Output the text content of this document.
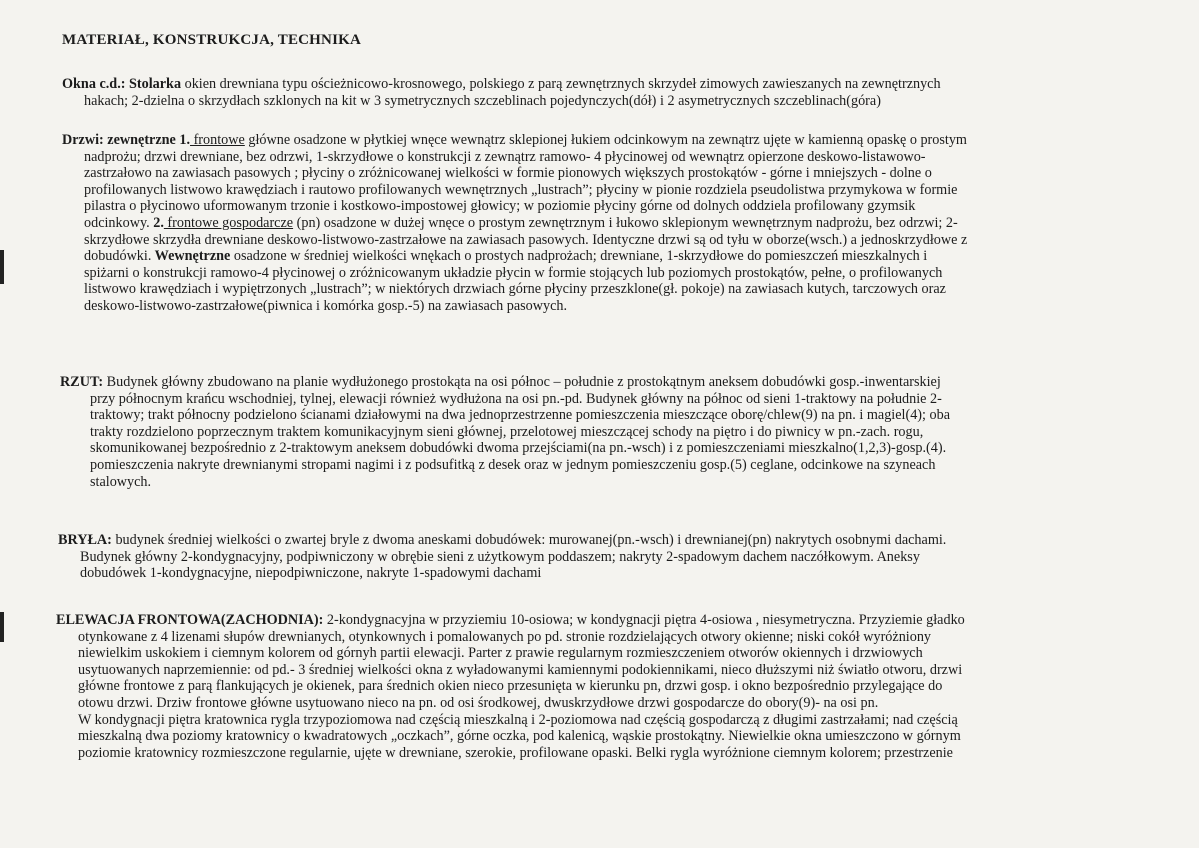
MATERIAŁ, KONSTRUKCJA, TECHNIKA
Okna c.d.: Stolarka okien drewniana typu ościeżnicowo-krosnowego, polskiego z parą zewnętrznych skrzydeł zimowych zawieszanych na zewnętrznych
hakach; 2-dzielna o skrzydłach szklonych na kit w 3 symetrycznych szczeblinach pojedynczych(dół) i 2 asymetrycznych szczeblinach(góra)
Drzwi: zewnętrzne 1. frontowe główne osadzone w płytkiej wnęce wewnątrz sklepionej łukiem odcinkowym na zewnątrz ujęte w kamienną opaskę o prostym
nadprożu; drzwi drewniane, bez odrzwi, 1-skrzydłowe o konstrukcji z zewnątrz ramowo- 4 płycinowej od wewnątrz opierzone deskowo-listawowo-
zastrzałowo na zawiasach pasowych ; płyciny o zróżnicowanej wielkości w formie pionowych większych prostokątów - górne i mniejszych - dolne o
profilowanych listwowo krawędziach i rautowo profilowanych wewnętrznych „lustrach”; płyciny w pionie rozdziela pseudolistwa przymykowa w formie
pilastra o płycinowo uformowanym trzonie i kostkowo-impostowej głowicy; w poziomie płyciny górne od dolnych oddziela profilowany gzymsik
odcinkowy. 2. frontowe gospodarcze (pn) osadzone w dużej wnęce o prostym zewnętrznym i łukowo sklepionym wewnętrznym nadprożu, bez odrzwi; 2-
skrzydłowe skrzydła drewniane deskowo-listwowo-zastrzałowe na zawiasach pasowych. Identyczne drzwi są od tyłu w oborze(wsch.) a jednoskrzydłowe z
dobudówki. Wewnętrzne osadzone w średniej wielkości wnękach o prostych nadprożach; drewniane, 1-skrzydłowe do pomieszczeń mieszkalnych i
spiżarni o konstrukcji ramowo-4 płycinowej o zróżnicowanym układzie płycin w formie stojących lub poziomych prostokątów, pełne, o profilowanych
listwowo krawędziach i wypiętrzonych „lustrach”; w niektórych drzwiach górne płyciny przeszklone(gł. pokoje) na zawiasach kutych, tarczowych oraz
deskowo-listwowo-zastrzałowe(piwnica i komórka gosp.-5) na zawiasach pasowych.
RZUT: Budynek główny zbudowano na planie wydłużonego prostokąta na osi północ – południe z prostokątnym aneksem dobudówki gosp.-inwentarskiej
przy północnym krańcu wschodniej, tylnej, elewacji również wydłużona na osi pn.-pd. Budynek główny na północ od sieni 1-traktowy na południe 2-
traktowy; trakt północny podzielono ścianami działowymi na dwa jednoprzestrzenne pomieszczenia mieszczące oborę/chlew(9) na pn. i magiel(4); oba
trakty rozdzielono poprzecznym traktem komunikacyjnym sieni głównej, przelotowej mieszczącej schody na piętro i do piwnicy w pn.-zach. rogu,
skomunikowanej bezpośrednio z 2-traktowym aneksem dobudówki dwoma przejściami(na pn.-wsch) i z pomieszczeniami mieszkalno(1,2,3)-gosp.(4).
pomieszczenia nakryte drewnianymi stropami nagimi i z podsufitką z desek oraz w jednym pomieszczeniu gosp.(5) ceglane, odcinkowe na szyneach
stalowych.
BRYŁA: budynek średniej wielkości o zwartej bryle z dwoma aneskami dobudówek: murowanej(pn.-wsch) i drewnianej(pn) nakrytych osobnymi dachami.
Budynek główny 2-kondygnacyjny, podpiwniczony w obrębie sieni z użytkowym poddaszem; nakryty 2-spadowym dachem naczółkowym. Aneksy
dobudówek 1-kondygnacyjne, niepodpiwniczone, nakryte 1-spadowymi dachami
ELEWACJA FRONTOWA(ZACHODNIA): 2-kondygnacyjna w przyziemiu 10-osiowa; w kondygnacji piętra 4-osiowa , niesymetryczna. Przyziemie gładko
otynkowane z 4 lizenami słupów drewnianych, otynkownych i pomalowanych po pd. stronie rozdzielających otwory okienne; niski cokół wyróżniony
niewielkim uskokiem i ciemnym kolorem od górnyh partii elewacji. Parter z prawie regularnym rozmieszczeniem otworów okiennych i drzwiowych
usytuowanych naprzemiennie: od pd.- 3 średniej wielkości okna z wyładowanymi kamiennymi podokiennikami, nieco dłuższymi niż światło otworu, drzwi
główne frontowe z parą flankujących je okienek, para średnich okien nieco przesunięta w kierunku pn, drzwi gosp. i okno bezpośrednio przylegające do
otowu drzwi. Drziw frontowe główne usytuowano nieco na pn. od osi środkowej, dwuskrzydłowe drzwi gospodarcze do obory(9)- na osi pn.
W kondygnacji piętra kratownica rygla trzypoziomowa nad częścią mieszkalną i 2-poziomowa nad częścią gospodarczą z długimi zastrzałami; nad częścią
mieszkalną dwa poziomy kratownicy o kwadratowych „oczkach”, górne oczka, pod kalenicą, wąskie prostokątny. Niewielkie okna umieszczono w górnym
poziomie kratownicy rozmieszczone regularnie, ujęte w drewniane, szerokie, profilowane opaski. Belki rygla wyróżnione ciemnym kolorem; przestrzenie
